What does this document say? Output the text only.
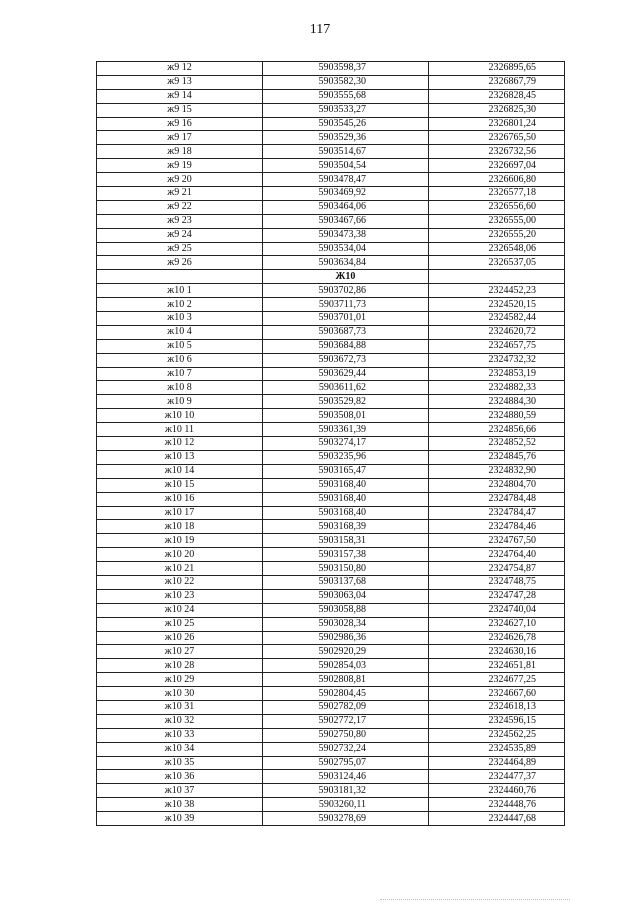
117
ж9 12	5903598,37	2326895,65
ж9 13	5903582,30	2326867,79
ж9 14	5903555,68	2326828,45
ж9 15	5903533,27	2326825,30
ж9 16	5903545,26	2326801,24
ж9 17	5903529,36	2326765,50
ж9 18	5903514,67	2326732,56
ж9 19	5903504,54	2326697,04
ж9 20	5903478,47	2326606,80
ж9 21	5903469,92	2326577,18
ж9 22	5903464,06	2326556,60
ж9 23	5903467,66	2326555,00
ж9 24	5903473,38	2326555,20
ж9 25	5903534,04	2326548,06
ж9 26	5903634,84	2326537,05
	Ж10	
ж10 1	5903702,86	2324452,23
ж10 2	5903711,73	2324520,15
ж10 3	5903701,01	2324582,44
ж10 4	5903687,73	2324620,72
ж10 5	5903684,88	2324657,75
ж10 6	5903672,73	2324732,32
ж10 7	5903629,44	2324853,19
ж10 8	5903611,62	2324882,33
ж10 9	5903529,82	2324884,30
ж10 10	5903508,01	2324880,59
ж10 11	5903361,39	2324856,66
ж10 12	5903274,17	2324852,52
ж10 13	5903235,96	2324845,76
ж10 14	5903165,47	2324832,90
ж10 15	5903168,40	2324804,70
ж10 16	5903168,40	2324784,48
ж10 17	5903168,40	2324784,47
ж10 18	5903168,39	2324784,46
ж10 19	5903158,31	2324767,50
ж10 20	5903157,38	2324764,40
ж10 21	5903150,80	2324754,87
ж10 22	5903137,68	2324748,75
ж10 23	5903063,04	2324747,28
ж10 24	5903058,88	2324740,04
ж10 25	5903028,34	2324627,10
ж10 26	5902986,36	2324626,78
ж10 27	5902920,29	2324630,16
ж10 28	5902854,03	2324651,81
ж10 29	5902808,81	2324677,25
ж10 30	5902804,45	2324667,60
ж10 31	5902782,09	2324618,13
ж10 32	5902772,17	2324596,15
ж10 33	5902750,80	2324562,25
ж10 34	5902732,24	2324535,89
ж10 35	5902795,07	2324464,89
ж10 36	5903124,46	2324477,37
ж10 37	5903181,32	2324460,76
ж10 38	5903260,11	2324448,76
ж10 39	5903278,69	2324447,68
